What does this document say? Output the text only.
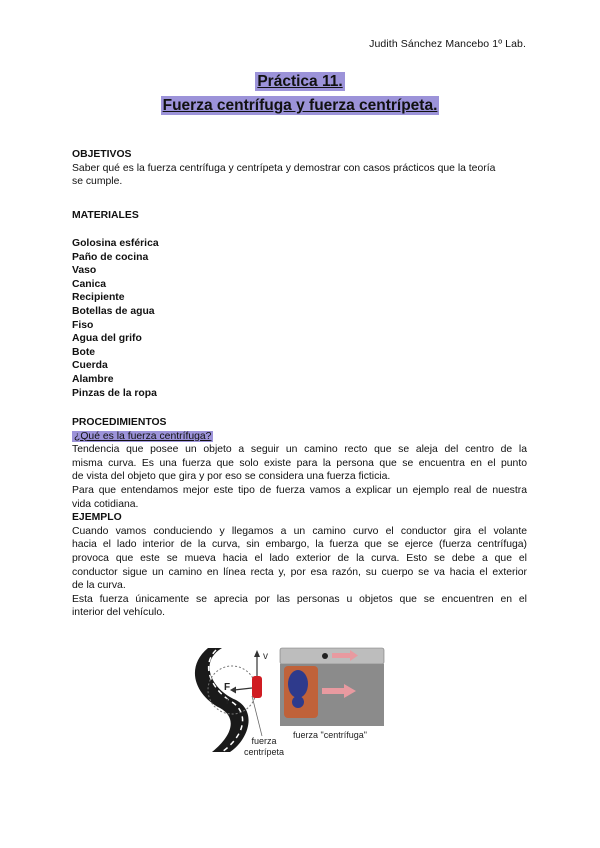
Judith Sánchez Mancebo 1º Lab.
Práctica 11.
Fuerza centrífuga y fuerza centrípeta.
OBJETIVOS
Saber qué es la fuerza centrífuga y centrípeta y demostrar con casos prácticos que la teoría
se cumple.
MATERIALES
Golosina esférica
Paño de cocina
Vaso
Canica
Recipiente
Botellas de agua
Fiso
Agua del grifo
Bote
Cuerda
Alambre
Pinzas de la ropa
PROCEDIMIENTOS
¿Qué es la fuerza centrífuga?
Tendencia que posee un objeto a seguir un camino recto que se aleja del centro de la
misma curva. Es una fuerza que solo existe para la persona que se encuentra en el punto
de vista del objeto que gira y por eso se considera una fuerza ficticia.
Para que entendamos mejor este tipo de fuerza vamos a explicar un ejemplo real de nuestra
vida cotidiana.
EJEMPLO
Cuando vamos conduciendo y llegamos a un camino curvo el conductor gira el volante
hacia el lado interior de la curva, sin embargo, la fuerza que se ejerce (fuerza centrífuga)
provoca que este se mueva hacia el lado exterior de la curva. Esto se debe a que el
conductor sigue un camino en línea recta y, por esa razón, su cuerpo se va hacia el exterior
de la curva.
Esta fuerza únicamente se aprecia por las personas u objetos que se encuentren en el
interior del vehículo.
v
F
r
fuerza
centrípeta
fuerza "centrífuga"
